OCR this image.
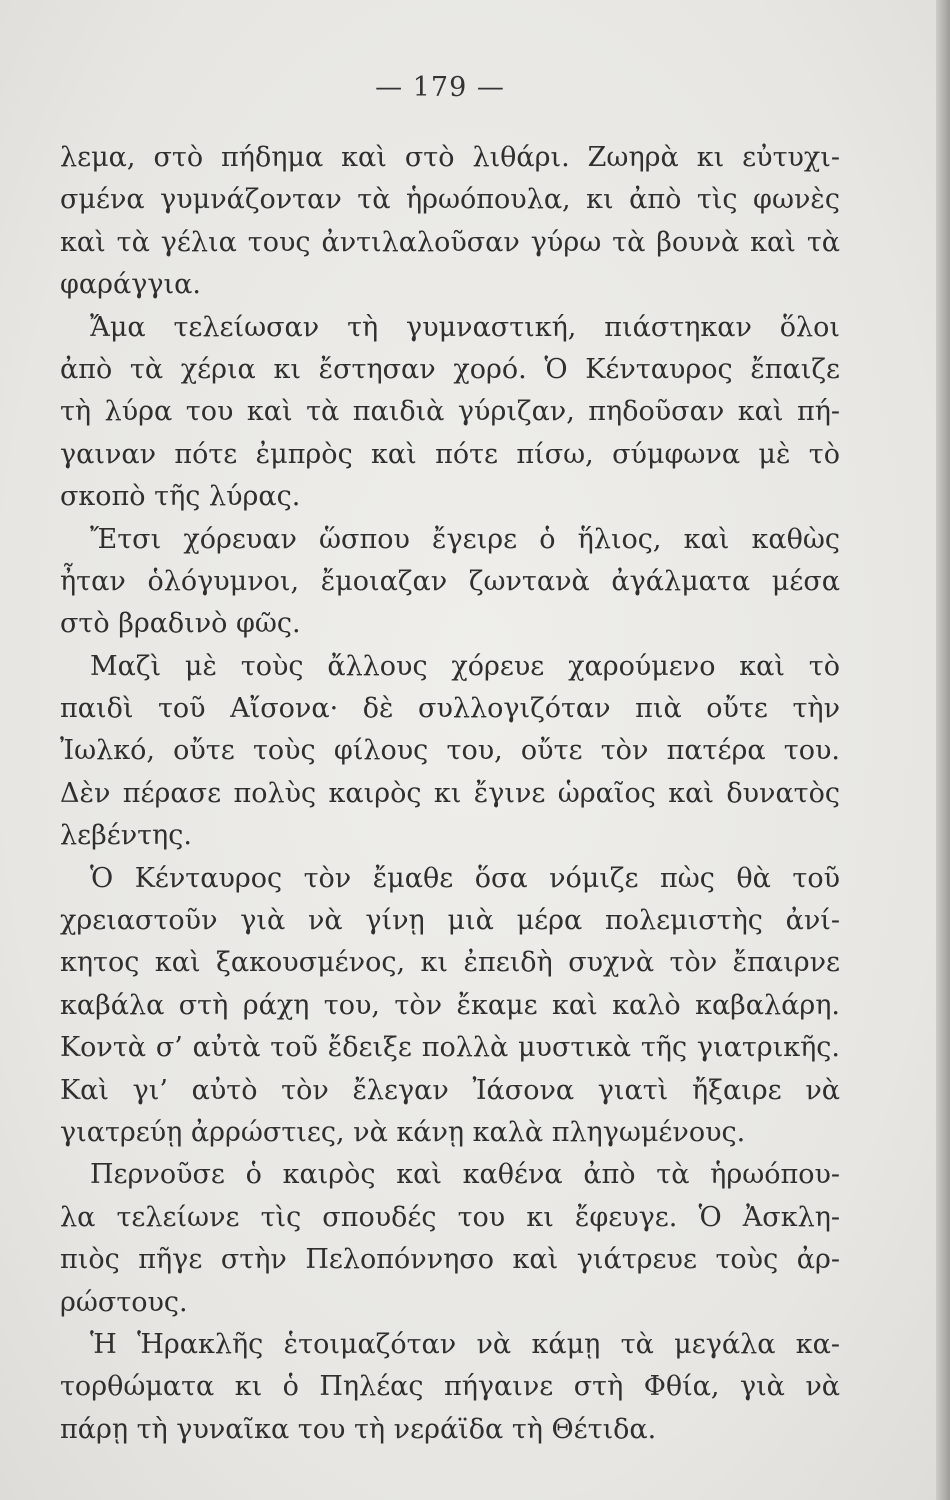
— 179 —
λεμα, στὸ πήδημα καὶ στὸ λιθάρι. Ζωηρὰ κι εὐτυχι-
σμένα γυμνάζονταν τὰ ἡρωόπουλα, κι ἀπὸ τὶς φωνὲς
καὶ τὰ γέλια τους ἀντιλαλοῦσαν γύρω τὰ βουνὰ καὶ τὰ
φαράγγια.
Ἄμα τελείωσαν τὴ γυμναστική, πιάστηκαν ὅλοι
ἀπὸ τὰ χέρια κι ἔστησαν χορό. Ὁ Κένταυρος ἔπαιζε
τὴ λύρα του καὶ τὰ παιδιὰ γύριζαν, πηδοῦσαν καὶ πή-
γαιναν πότε ἐμπρὸς καὶ πότε πίσω, σύμφωνα μὲ τὸ
σκοπὸ τῆς λύρας.
Ἔτσι χόρευαν ὥσπου ἔγειρε ὁ ἥλιος, καὶ καθὼς
ἦταν ὁλόγυμνοι, ἔμοιαζαν ζωντανὰ ἀγάλματα μέσα
στὸ βραδινὸ φῶς.
Μαζὶ μὲ τοὺς ἄλλους χόρευε χαρούμενο καὶ τὸ
παιδὶ τοῦ Αἴσονα· δὲ συλλογιζόταν πιὰ οὔτε τὴν
Ἰωλκό, οὔτε τοὺς φίλους του, οὔτε τὸν πατέρα του.
Δὲν πέρασε πολὺς καιρὸς κι ἔγινε ὡραῖος καὶ δυνατὸς
λεβέντης.
Ὁ Κένταυρος τὸν ἔμαθε ὅσα νόμιζε πὼς θὰ τοῦ
χρειαστοῦν γιὰ νὰ γίνῃ μιὰ μέρα πολεμιστὴς ἀνί-
κητος καὶ ξακουσμένος, κι ἐπειδὴ συχνὰ τὸν ἔπαιρνε
καβάλα στὴ ράχη του, τὸν ἔκαμε καὶ καλὸ καβαλάρη.
Κοντὰ σ’ αὐτὰ τοῦ ἔδειξε πολλὰ μυστικὰ τῆς γιατρικῆς.
Καὶ γι’ αὐτὸ τὸν ἔλεγαν Ἰάσονα γιατὶ ἤξαιρε νὰ
γιατρεύῃ ἀρρώστιες, νὰ κάνῃ καλὰ πληγωμένους.
Περνοῦσε ὁ καιρὸς καὶ καθένα ἀπὸ τὰ ἡρωόπου-
λα τελείωνε τὶς σπουδές του κι ἔφευγε. Ὁ Ἀσκλη-
πιὸς πῆγε στὴν Πελοπόννησο καὶ γιάτρευε τοὺς ἀρ-
ρώστους.
Ἡ Ἡρακλῆς ἑτοιμαζόταν νὰ κάμῃ τὰ μεγάλα κα-
τορθώματα κι ὁ Πηλέας πήγαινε στὴ Φθία, γιὰ νὰ
πάρῃ τὴ γυναῖκα του τὴ νεράϊδα τὴ Θέτιδα.
